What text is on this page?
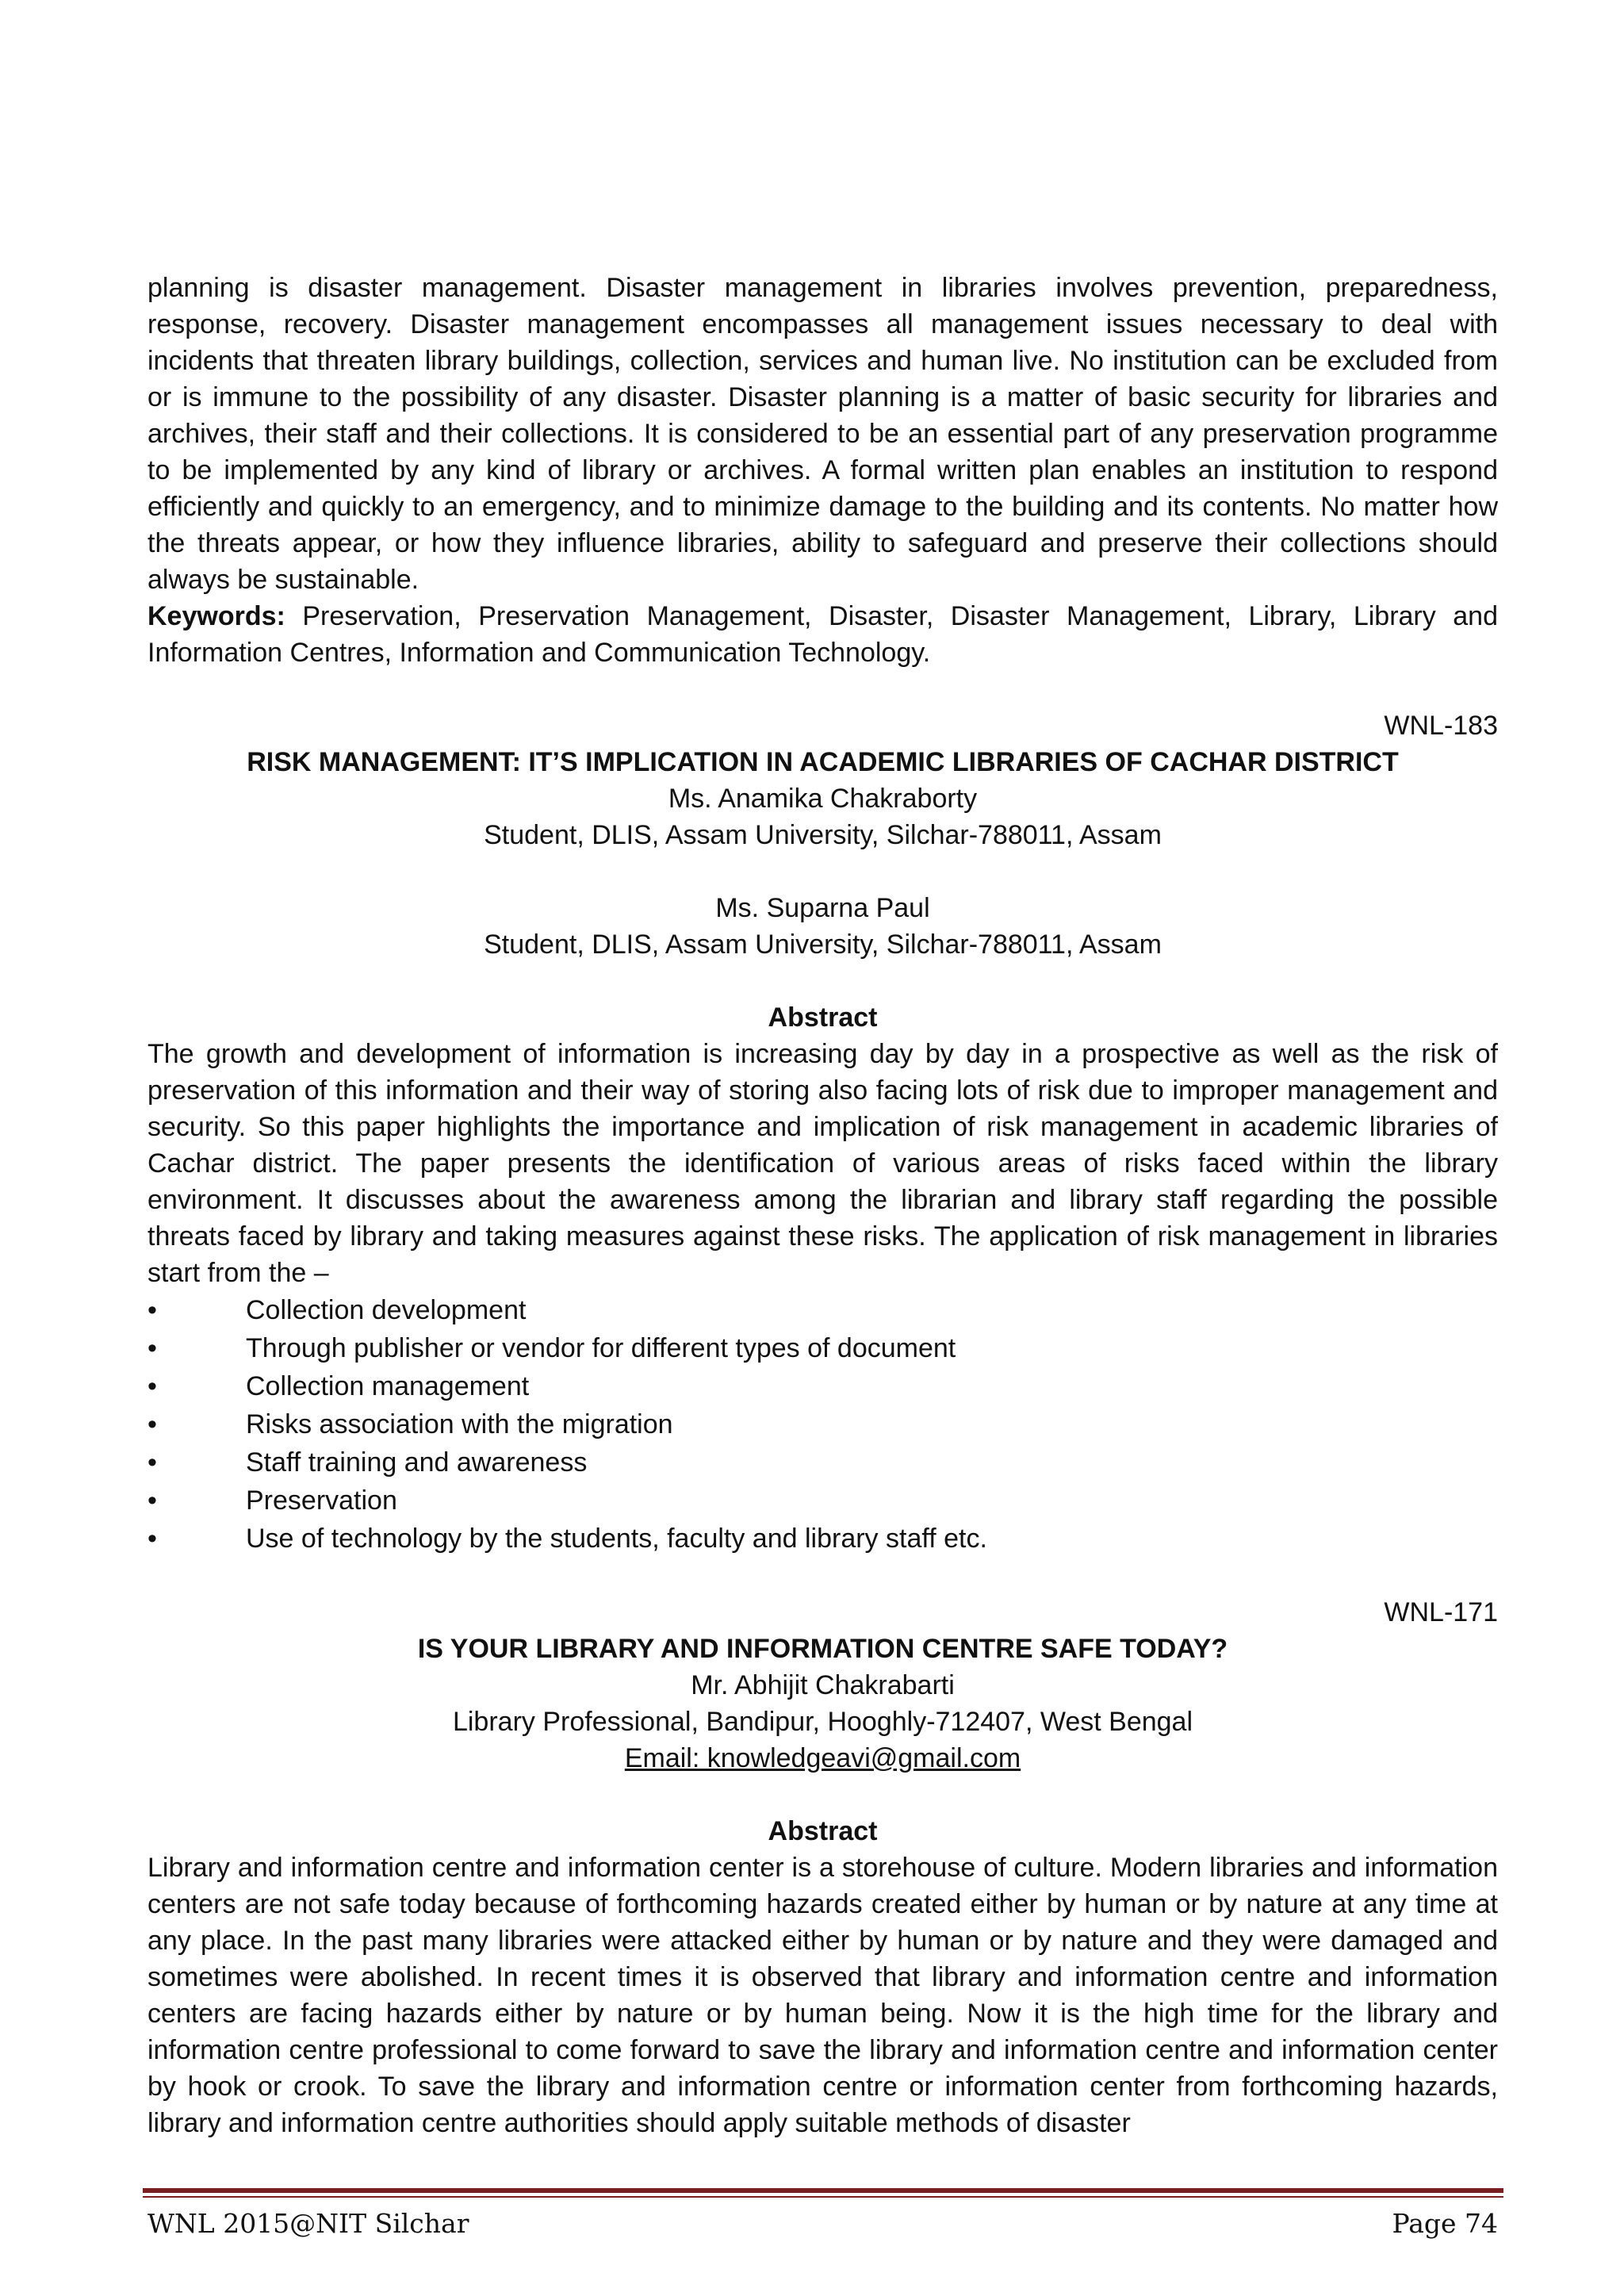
planning is disaster management. Disaster management in libraries involves prevention, preparedness, response, recovery. Disaster management encompasses all management issues necessary to deal with incidents that threaten library buildings, collection, services and human live. No institution can be excluded from or is immune to the possibility of any disaster. Disaster planning is a matter of basic security for libraries and archives, their staff and their collections. It is considered to be an essential part of any preservation programme to be implemented by any kind of library or archives. A formal written plan enables an institution to respond efficiently and quickly to an emergency, and to minimize damage to the building and its contents. No matter how the threats appear, or how they influence libraries, ability to safeguard and preserve their collections should always be sustainable.

Keywords: Preservation, Preservation Management, Disaster, Disaster Management, Library, Library and Information Centres, Information and Communication Technology.

WNL-183

RISK MANAGEMENT: IT’S IMPLICATION IN ACADEMIC LIBRARIES OF CACHAR DISTRICT

Ms. Anamika Chakraborty

Student, DLIS, Assam University, Silchar-788011, Assam

Ms. Suparna Paul

Student, DLIS, Assam University, Silchar-788011, Assam

Abstract

The growth and development of information is increasing day by day in a prospective as well as the risk of preservation of this information and their way of storing also facing lots of risk due to improper management and security. So this paper highlights the importance and implication of risk management in academic libraries of Cachar district. The paper presents the identification of various areas of risks faced within the library environment. It discusses about the awareness among the librarian and library staff regarding the possible threats faced by library and taking measures against these risks. The application of risk management in libraries start from the –

•	Collection development
•	Through publisher or vendor for different types of document
•	Collection management
•	Risks association with the migration
•	Staff training and awareness
•	Preservation
•	Use of technology by the students, faculty and library staff etc.

WNL-171

IS YOUR LIBRARY AND INFORMATION CENTRE SAFE TODAY?

Mr. Abhijit Chakrabarti

Library Professional, Bandipur, Hooghly-712407, West Bengal

Email: knowledgeavi@gmail.com

Abstract

Library and information centre and information center is a storehouse of culture. Modern libraries and information centers are not safe today because of forthcoming hazards created either by human or by nature at any time at any place. In the past many libraries were attacked either by human or by nature and they were damaged and sometimes were abolished. In recent times it is observed that library and information centre and information centers are facing hazards either by nature or by human being. Now it is the high time for the library and information centre professional to come forward to save the library and information centre and information center by hook or crook. To save the library and information centre or information center from forthcoming hazards, library and information centre authorities should apply suitable methods of disaster

WNL 2015@NIT Silchar	Page 74
